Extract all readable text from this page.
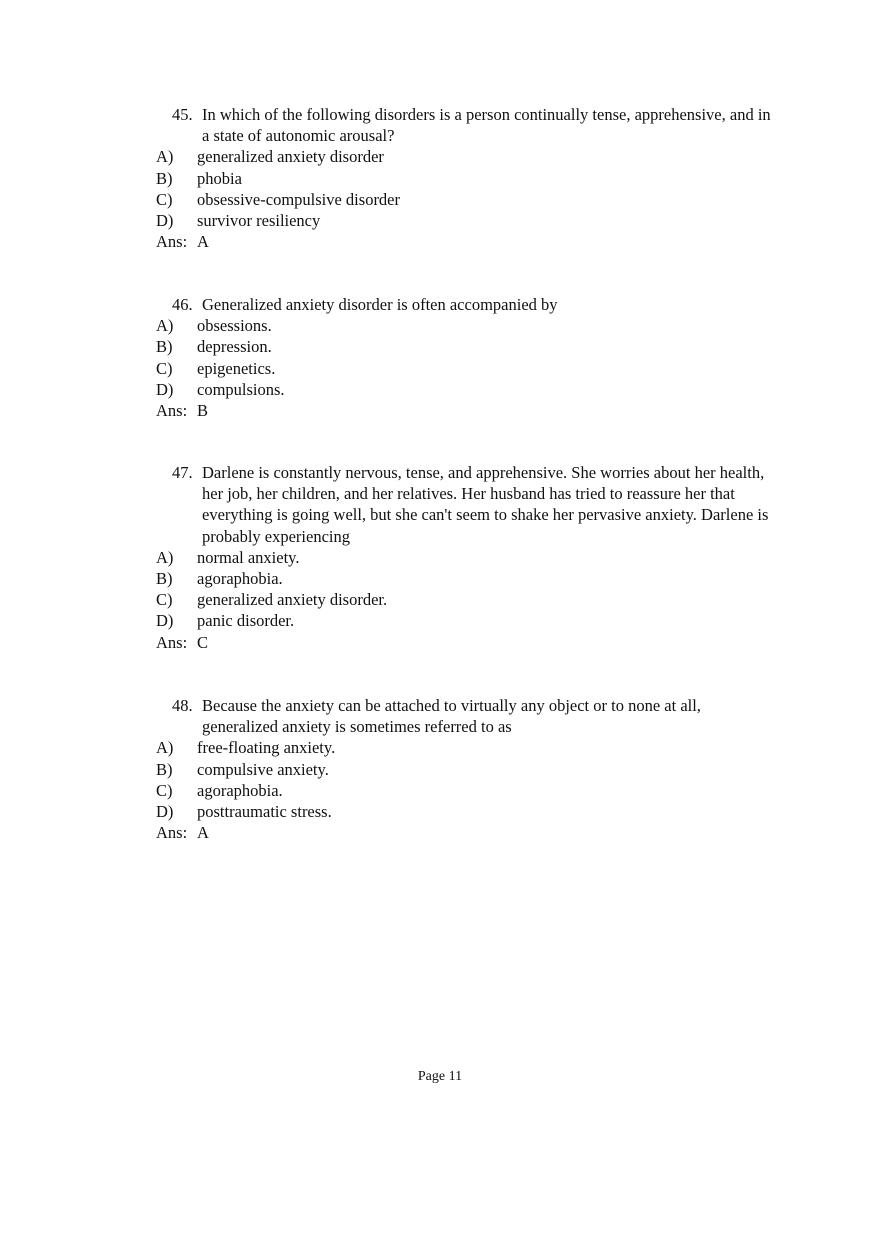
45. In which of the following disorders is a person continually tense, apprehensive, and in a state of autonomic arousal?
A) generalized anxiety disorder
B) phobia
C) obsessive-compulsive disorder
D) survivor resiliency
Ans: A
46. Generalized anxiety disorder is often accompanied by
A) obsessions.
B) depression.
C) epigenetics.
D) compulsions.
Ans: B
47. Darlene is constantly nervous, tense, and apprehensive. She worries about her health, her job, her children, and her relatives. Her husband has tried to reassure her that everything is going well, but she can't seem to shake her pervasive anxiety. Darlene is probably experiencing
A) normal anxiety.
B) agoraphobia.
C) generalized anxiety disorder.
D) panic disorder.
Ans: C
48. Because the anxiety can be attached to virtually any object or to none at all, generalized anxiety is sometimes referred to as
A) free-floating anxiety.
B) compulsive anxiety.
C) agoraphobia.
D) posttraumatic stress.
Ans: A
Page 11
